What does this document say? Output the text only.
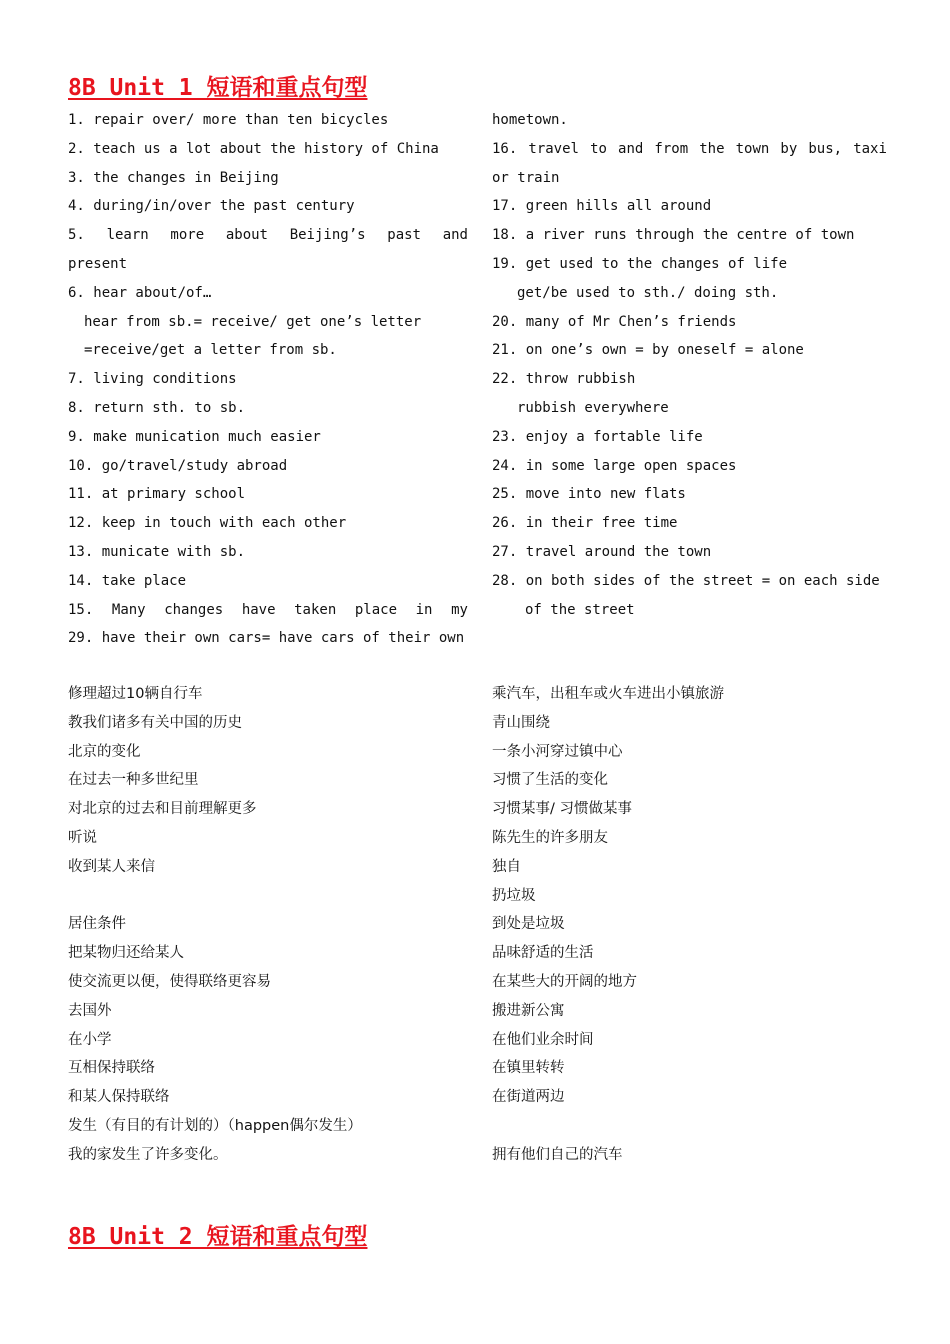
8B Unit 1 短语和重点句型
1. repair over/ more than ten bicycles
2. teach us a lot about the history of China
3. the changes in Beijing
4. during/in/over the past century
5. learn more about Beijing’s past and
present
6. hear about/of…
hear from sb.= receive/ get one’s letter
=receive/get a letter from sb.
7. living conditions
8. return sth. to sb.
9. make munication much easier
10. go/travel/study abroad
11. at primary school
12. keep in touch with each other
13. municate with sb.
14. take place
15. Many changes have taken place in my
29. have their own cars= have cars of their own
hometown.
16. travel to and from the town by bus, taxi
or train
17. green hills all around
18. a river runs through the centre of town
19. get used to the changes of life
get/be used to sth./ doing sth.
20. many of Mr Chen’s friends
21. on one’s own = by oneself = alone
22. throw rubbish
rubbish everywhere
23. enjoy a fortable life
24. in some large open spaces
25. move into new flats
26. in their free time
27. travel around the town
28. on both sides of the street = on each side
of the street
修理超过10辆自行车
教我们诸多有关中国的历史
北京的变化
在过去一种多世纪里
对北京的过去和目前理解更多
听说
收到某人来信
居住条件
把某物归还给某人
使交流更以便，使得联络更容易
去国外
在小学
互相保持联络
和某人保持联络
发生（有目的有计划的）（happen偶尔发生）
我的家发生了许多变化。
乘汽车，出租车或火车进出小镇旅游
青山围绕
一条小河穿过镇中心
习惯了生活的变化
习惯某事/ 习惯做某事
陈先生的许多朋友
独自
扔垃圾
到处是垃圾
品味舒适的生活
在某些大的开阔的地方
搬进新公寓
在他们业余时间
在镇里转转
在街道两边
拥有他们自己的汽车
8B Unit 2 短语和重点句型
